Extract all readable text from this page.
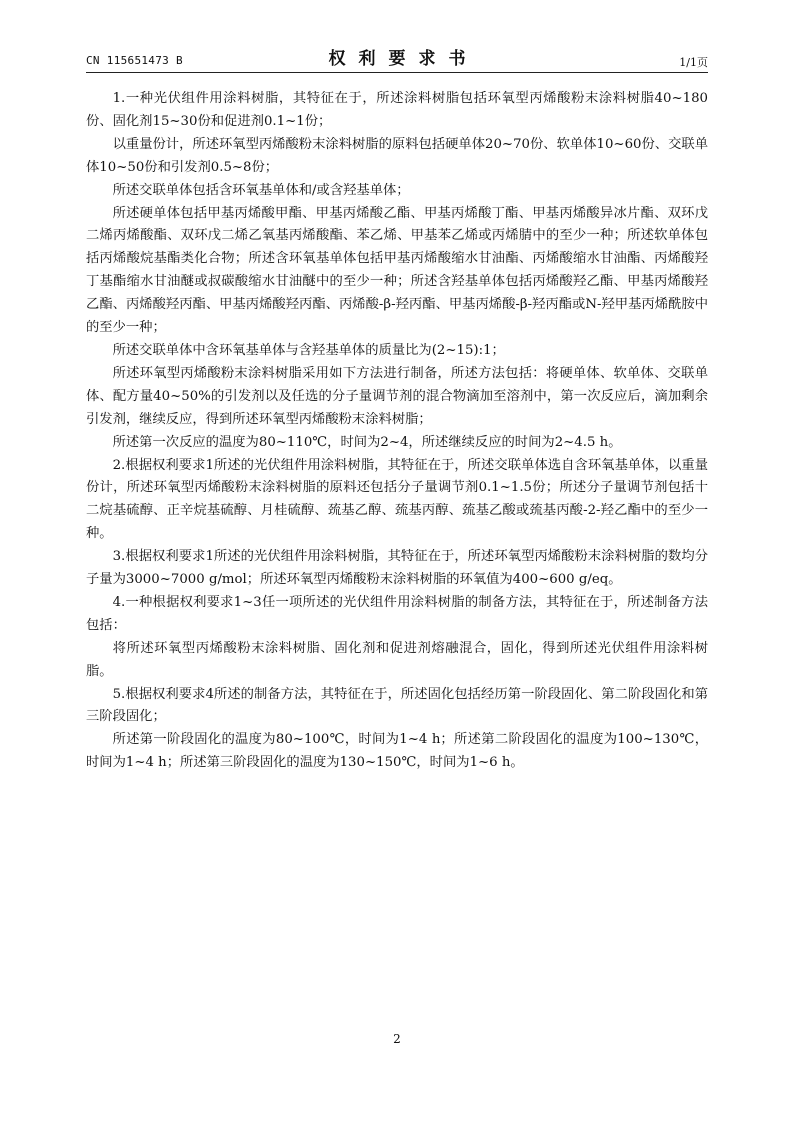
CN 115651473 B	权利要求书	1/1页

1.一种光伏组件用涂料树脂，其特征在于，所述涂料树脂包括环氧型丙烯酸粉末涂料树脂40~180份、固化剂15~30份和促进剂0.1~1份；

以重量份计，所述环氧型丙烯酸粉末涂料树脂的原料包括硬单体20~70份、软单体10~60份、交联单体10~50份和引发剂0.5~8份；

所述交联单体包括含环氧基单体和/或含羟基单体；

所述硬单体包括甲基丙烯酸甲酯、甲基丙烯酸乙酯、甲基丙烯酸丁酯、甲基丙烯酸异冰片酯、双环戊二烯丙烯酸酯、双环戊二烯乙氧基丙烯酸酯、苯乙烯、甲基苯乙烯或丙烯腈中的至少一种；所述软单体包括丙烯酸烷基酯类化合物；所述含环氧基单体包括甲基丙烯酸缩水甘油酯、丙烯酸缩水甘油酯、丙烯酸羟丁基酯缩水甘油醚或叔碳酸缩水甘油醚中的至少一种；所述含羟基单体包括丙烯酸羟乙酯、甲基丙烯酸羟乙酯、丙烯酸羟丙酯、甲基丙烯酸羟丙酯、丙烯酸-β-羟丙酯、甲基丙烯酸-β-羟丙酯或N-羟甲基丙烯酰胺中的至少一种；

所述交联单体中含环氧基单体与含羟基单体的质量比为(2~15):1；

所述环氧型丙烯酸粉末涂料树脂采用如下方法进行制备，所述方法包括：将硬单体、软单体、交联单体、配方量40~50%的引发剂以及任选的分子量调节剂的混合物滴加至溶剂中，第一次反应后，滴加剩余引发剂，继续反应，得到所述环氧型丙烯酸粉末涂料树脂；

所述第一次反应的温度为80~110℃，时间为2~4，所述继续反应的时间为2~4.5 h。

2.根据权利要求1所述的光伏组件用涂料树脂，其特征在于，所述交联单体选自含环氧基单体，以重量份计，所述环氧型丙烯酸粉末涂料树脂的原料还包括分子量调节剂0.1~1.5份；所述分子量调节剂包括十二烷基硫醇、正辛烷基硫醇、月桂硫醇、巯基乙醇、巯基丙醇、巯基乙酸或巯基丙酸-2-羟乙酯中的至少一种。

3.根据权利要求1所述的光伏组件用涂料树脂，其特征在于，所述环氧型丙烯酸粉末涂料树脂的数均分子量为3000~7000 g/mol；所述环氧型丙烯酸粉末涂料树脂的环氧值为400~600 g/eq。

4.一种根据权利要求1~3任一项所述的光伏组件用涂料树脂的制备方法，其特征在于，所述制备方法包括：

将所述环氧型丙烯酸粉末涂料树脂、固化剂和促进剂熔融混合，固化，得到所述光伏组件用涂料树脂。

5.根据权利要求4所述的制备方法，其特征在于，所述固化包括经历第一阶段固化、第二阶段固化和第三阶段固化；

所述第一阶段固化的温度为80~100℃，时间为1~4 h；所述第二阶段固化的温度为100~130℃，时间为1~4 h；所述第三阶段固化的温度为130~150℃，时间为1~6 h。

2
